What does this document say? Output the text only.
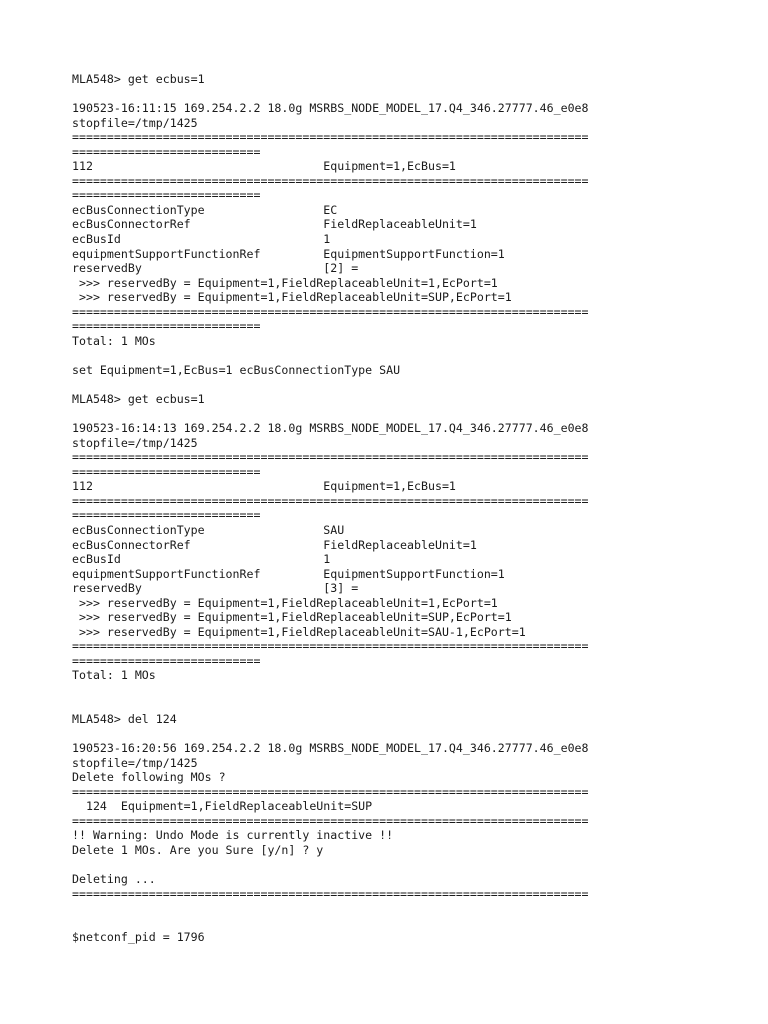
MLA548> get ecbus=1
190523-16:11:15 169.254.2.2 18.0g MSRBS_NODE_MODEL_17.Q4_346.27777.46_e0e8
stopfile=/tmp/1425
==========================================================================
===========================
112                                 Equipment=1,EcBus=1
==========================================================================
===========================
ecBusConnectionType                 EC
ecBusConnectorRef                   FieldReplaceableUnit=1
ecBusId                             1
equipmentSupportFunctionRef         EquipmentSupportFunction=1
reservedBy                          [2] =
>>> reservedBy = Equipment=1,FieldReplaceableUnit=1,EcPort=1
>>> reservedBy = Equipment=1,FieldReplaceableUnit=SUP,EcPort=1
==========================================================================
===========================
Total: 1 MOs
set Equipment=1,EcBus=1 ecBusConnectionType SAU
MLA548> get ecbus=1
190523-16:14:13 169.254.2.2 18.0g MSRBS_NODE_MODEL_17.Q4_346.27777.46_e0e8
stopfile=/tmp/1425
==========================================================================
===========================
112                                 Equipment=1,EcBus=1
==========================================================================
===========================
ecBusConnectionType                 SAU
ecBusConnectorRef                   FieldReplaceableUnit=1
ecBusId                             1
equipmentSupportFunctionRef         EquipmentSupportFunction=1
reservedBy                          [3] =
>>> reservedBy = Equipment=1,FieldReplaceableUnit=1,EcPort=1
>>> reservedBy = Equipment=1,FieldReplaceableUnit=SUP,EcPort=1
>>> reservedBy = Equipment=1,FieldReplaceableUnit=SAU-1,EcPort=1
==========================================================================
===========================
Total: 1 MOs
MLA548> del 124
190523-16:20:56 169.254.2.2 18.0g MSRBS_NODE_MODEL_17.Q4_346.27777.46_e0e8
stopfile=/tmp/1425
Delete following MOs ?
==========================================================================
124  Equipment=1,FieldReplaceableUnit=SUP
==========================================================================
!! Warning: Undo Mode is currently inactive !!
Delete 1 MOs. Are you Sure [y/n] ? y
Deleting ...
==========================================================================
$netconf_pid = 1796
